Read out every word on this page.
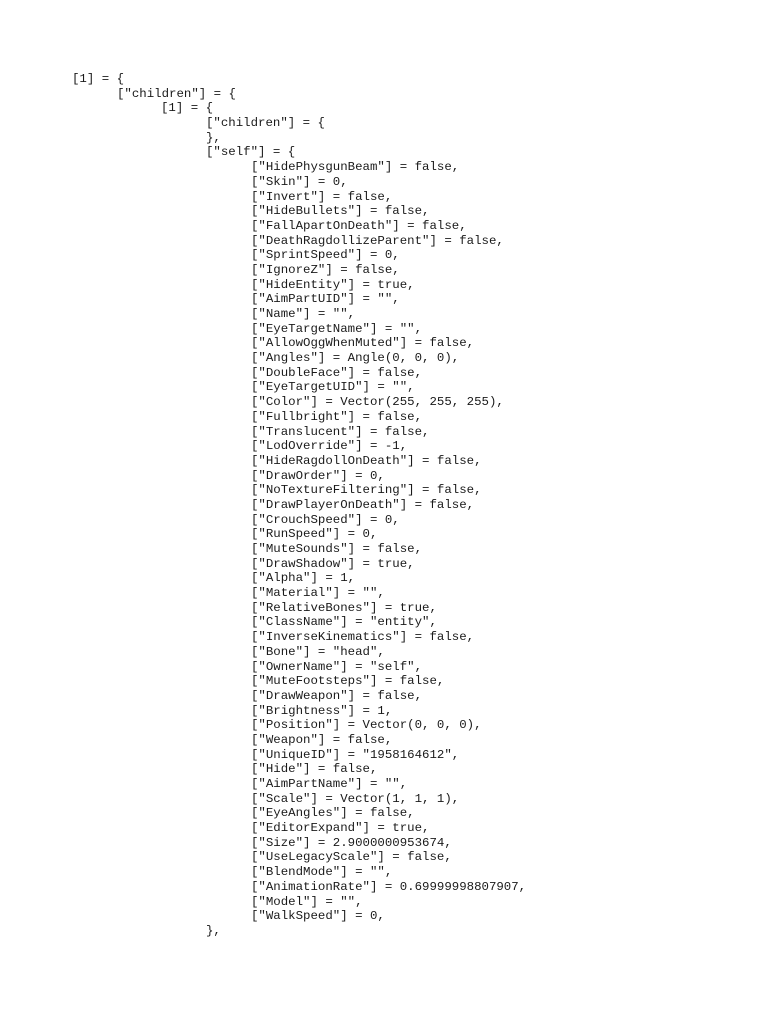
[1] = {
["children"] = {
[1] = {
["children"] = {
},
["self"] = {
["HidePhysgunBeam"] = false,
["Skin"] = 0,
["Invert"] = false,
["HideBullets"] = false,
["FallApartOnDeath"] = false,
["DeathRagdollizeParent"] = false,
["SprintSpeed"] = 0,
["IgnoreZ"] = false,
["HideEntity"] = true,
["AimPartUID"] = "",
["Name"] = "",
["EyeTargetName"] = "",
["AllowOggWhenMuted"] = false,
["Angles"] = Angle(0, 0, 0),
["DoubleFace"] = false,
["EyeTargetUID"] = "",
["Color"] = Vector(255, 255, 255),
["Fullbright"] = false,
["Translucent"] = false,
["LodOverride"] = -1,
["HideRagdollOnDeath"] = false,
["DrawOrder"] = 0,
["NoTextureFiltering"] = false,
["DrawPlayerOnDeath"] = false,
["CrouchSpeed"] = 0,
["RunSpeed"] = 0,
["MuteSounds"] = false,
["DrawShadow"] = true,
["Alpha"] = 1,
["Material"] = "",
["RelativeBones"] = true,
["ClassName"] = "entity",
["InverseKinematics"] = false,
["Bone"] = "head",
["OwnerName"] = "self",
["MuteFootsteps"] = false,
["DrawWeapon"] = false,
["Brightness"] = 1,
["Position"] = Vector(0, 0, 0),
["Weapon"] = false,
["UniqueID"] = "1958164612",
["Hide"] = false,
["AimPartName"] = "",
["Scale"] = Vector(1, 1, 1),
["EyeAngles"] = false,
["EditorExpand"] = true,
["Size"] = 2.9000000953674,
["UseLegacyScale"] = false,
["BlendMode"] = "",
["AnimationRate"] = 0.69999998807907,
["Model"] = "",
["WalkSpeed"] = 0,
},
